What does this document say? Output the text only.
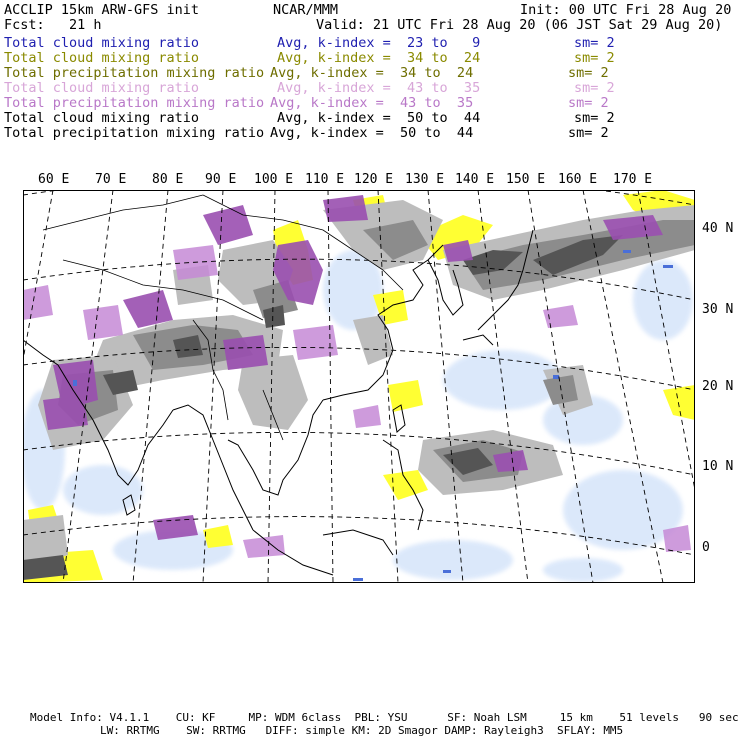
ACCLIP 15km ARW-GFS init	NCAR/MMM	Init: 00 UTC Fri 28 Aug 20
Fcst:   21 h	Valid: 21 UTC Fri 28 Aug 20 (06 JST Sat 29 Aug 20)
Total cloud mixing ratio	Avg, k-index =  23 to   9	sm= 2
Total cloud mixing ratio	Avg, k-index =  34 to  24	sm= 2
Total precipitation mixing ratio Avg, k-index =  34 to  24	sm= 2
Total cloud mixing ratio	Avg, k-index =  43 to  35	sm= 2
Total precipitation mixing ratio Avg, k-index =  43 to  35	sm= 2
Total cloud mixing ratio	Avg, k-index =  50 to  44	sm= 2
Total precipitation mixing ratio Avg, k-index =  50 to  44	sm= 2
60 E 70 E 80 E 90 E 100 E 110 E 120 E 130 E 140 E 150 E 160 E 170 E
40 N
30 N
20 N
10 N
0
Model Info: V4.1.1    CU: KF     MP: WDM 6class  PBL: YSU      SF: Noah LSM     15 km    51 levels   90 sec
LW: RRTMG    SW: RRTMG   DIFF: simple KM: 2D Smagor DAMP: Rayleigh3  SFLAY: MM5
